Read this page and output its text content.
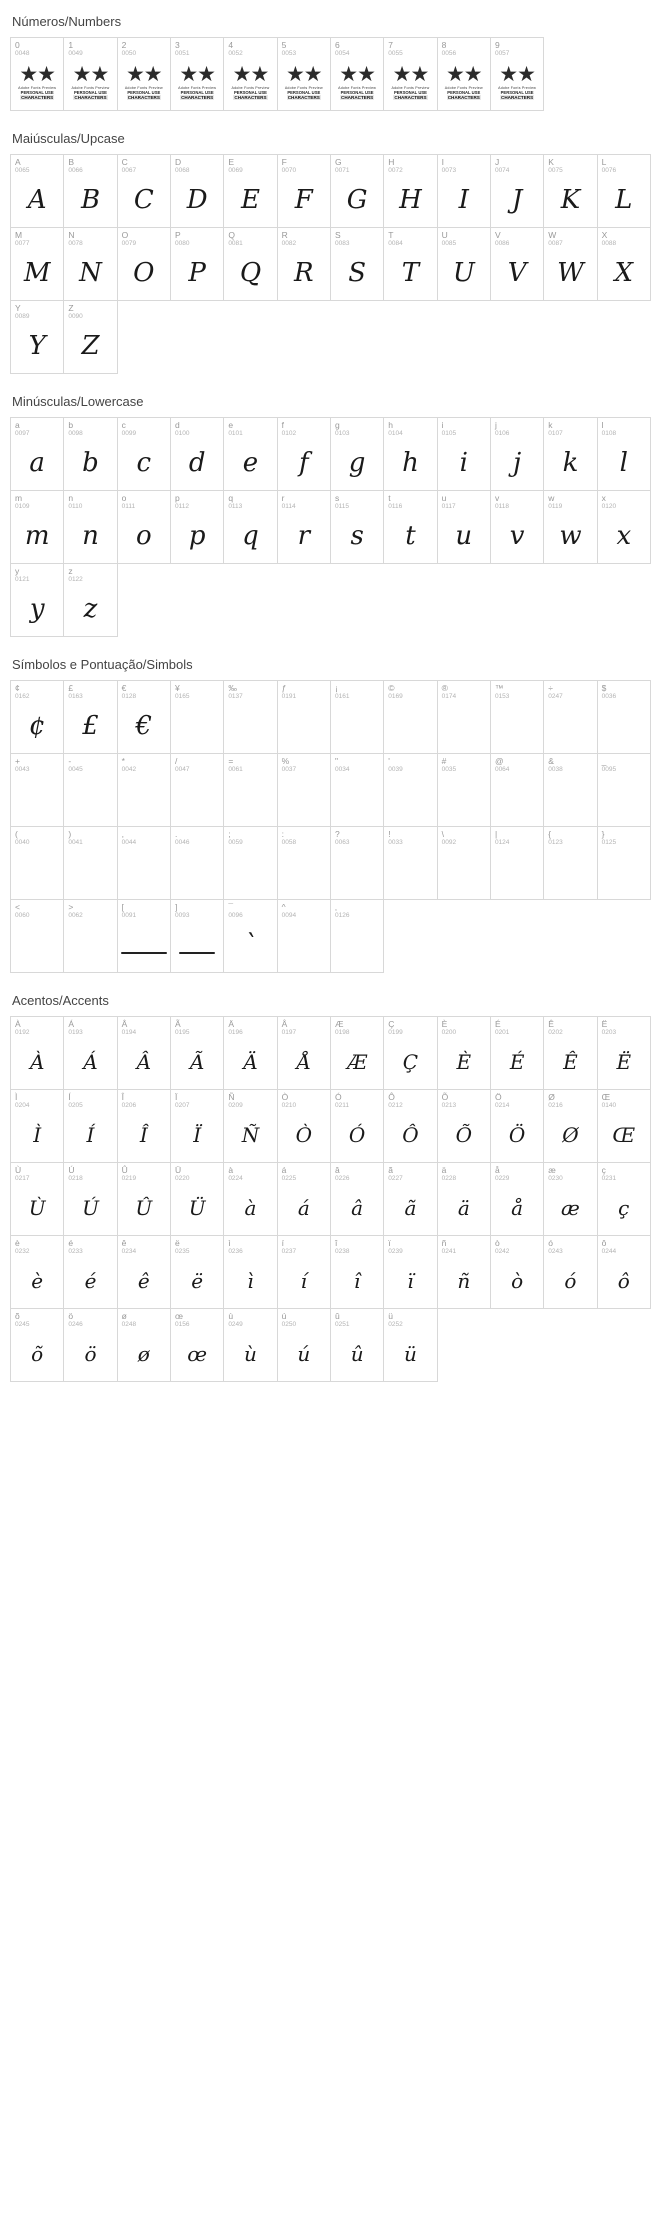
Números/Numbers
0
0048
★★
Adobe Fonts Preview
PERSONAL USE
CHARACTERS
1
0049
★★
Adobe Fonts Preview
PERSONAL USE
CHARACTERS
2
0050
★★
Adobe Fonts Preview
PERSONAL USE
CHARACTERS
3
0051
★★
Adobe Fonts Preview
PERSONAL USE
CHARACTERS
4
0052
★★
Adobe Fonts Preview
PERSONAL USE
CHARACTERS
5
0053
★★
Adobe Fonts Preview
PERSONAL USE
CHARACTERS
6
0054
★★
Adobe Fonts Preview
PERSONAL USE
CHARACTERS
7
0055
★★
Adobe Fonts Preview
PERSONAL USE
CHARACTERS
8
0056
★★
Adobe Fonts Preview
PERSONAL USE
CHARACTERS
9
0057
★★
Adobe Fonts Preview
PERSONAL USE
CHARACTERS
Maiúsculas/Upcase
A
0065
A
B
0066
B
C
0067
C
D
0068
D
E
0069
E
F
0070
F
G
0071
G
H
0072
H
I
0073
I
J
0074
J
K
0075
K
L
0076
L
M
0077
M
N
0078
N
O
0079
O
P
0080
P
Q
0081
Q
R
0082
R
S
0083
S
T
0084
T
U
0085
U
V
0086
V
W
0087
W
X
0088
X
Y
0089
Y
Z
0090
Z
Minúsculas/Lowercase
a
0097
a
b
0098
b
c
0099
c
d
0100
d
e
0101
e
f
0102
f
g
0103
g
h
0104
h
i
0105
i
j
0106
j
k
0107
k
l
0108
l
m
0109
m
n
0110
n
o
0111
o
p
0112
p
q
0113
q
r
0114
r
s
0115
s
t
0116
t
u
0117
u
v
0118
v
w
0119
w
x
0120
x
y
0121
y
z
0122
z
Símbolos e Pontuação/Simbols
¢
0162
¢
£
0163
£
€
0128
€
¥
0165
‰
0137
ƒ
0191
¡
0161
©
0169
®
0174
™
0153
÷
0247
$
0036
+
0043
-
0045
*
0042
/
0047
=
0061
%
0037
"
0034
'
0039
#
0035
@
0064
&
0038
_
0095
(
0040
)
0041
,
0044
.
0046
;
0059
:
0058
?
0063
!
0033
\
0092
|
0124
{
0123
}
0125
<
0060
>
0062
[
0091
]
0093
¯
0096
`
^
0094
‚
0126
Acentos/Accents
À
0192
À
Á
0193
Á
Â
0194
Â
Ã
0195
Ã
Ä
0196
Ä
Å
0197
Å
Æ
0198
Æ
Ç
0199
Ç
È
0200
È
É
0201
É
Ê
0202
Ê
Ë
0203
Ë
Ì
0204
Ì
Í
0205
Í
Î
0206
Î
Ï
0207
Ï
Ñ
0209
Ñ
Ò
0210
Ò
Ó
0211
Ó
Ô
0212
Ô
Õ
0213
Õ
Ö
0214
Ö
Ø
0216
Ø
Œ
0140
Œ
Ù
0217
Ù
Ú
0218
Ú
Û
0219
Û
Ü
0220
Ü
à
0224
à
á
0225
á
â
0226
â
ã
0227
ã
ä
0228
ä
å
0229
å
æ
0230
æ
ç
0231
ç
è
0232
è
é
0233
é
ê
0234
ê
ë
0235
ë
ì
0236
ì
í
0237
í
î
0238
î
ï
0239
ï
ñ
0241
ñ
ò
0242
ò
ó
0243
ó
ô
0244
ô
õ
0245
õ
ö
0246
ö
ø
0248
ø
œ
0156
œ
ù
0249
ù
ú
0250
ú
û
0251
û
ü
0252
ü
